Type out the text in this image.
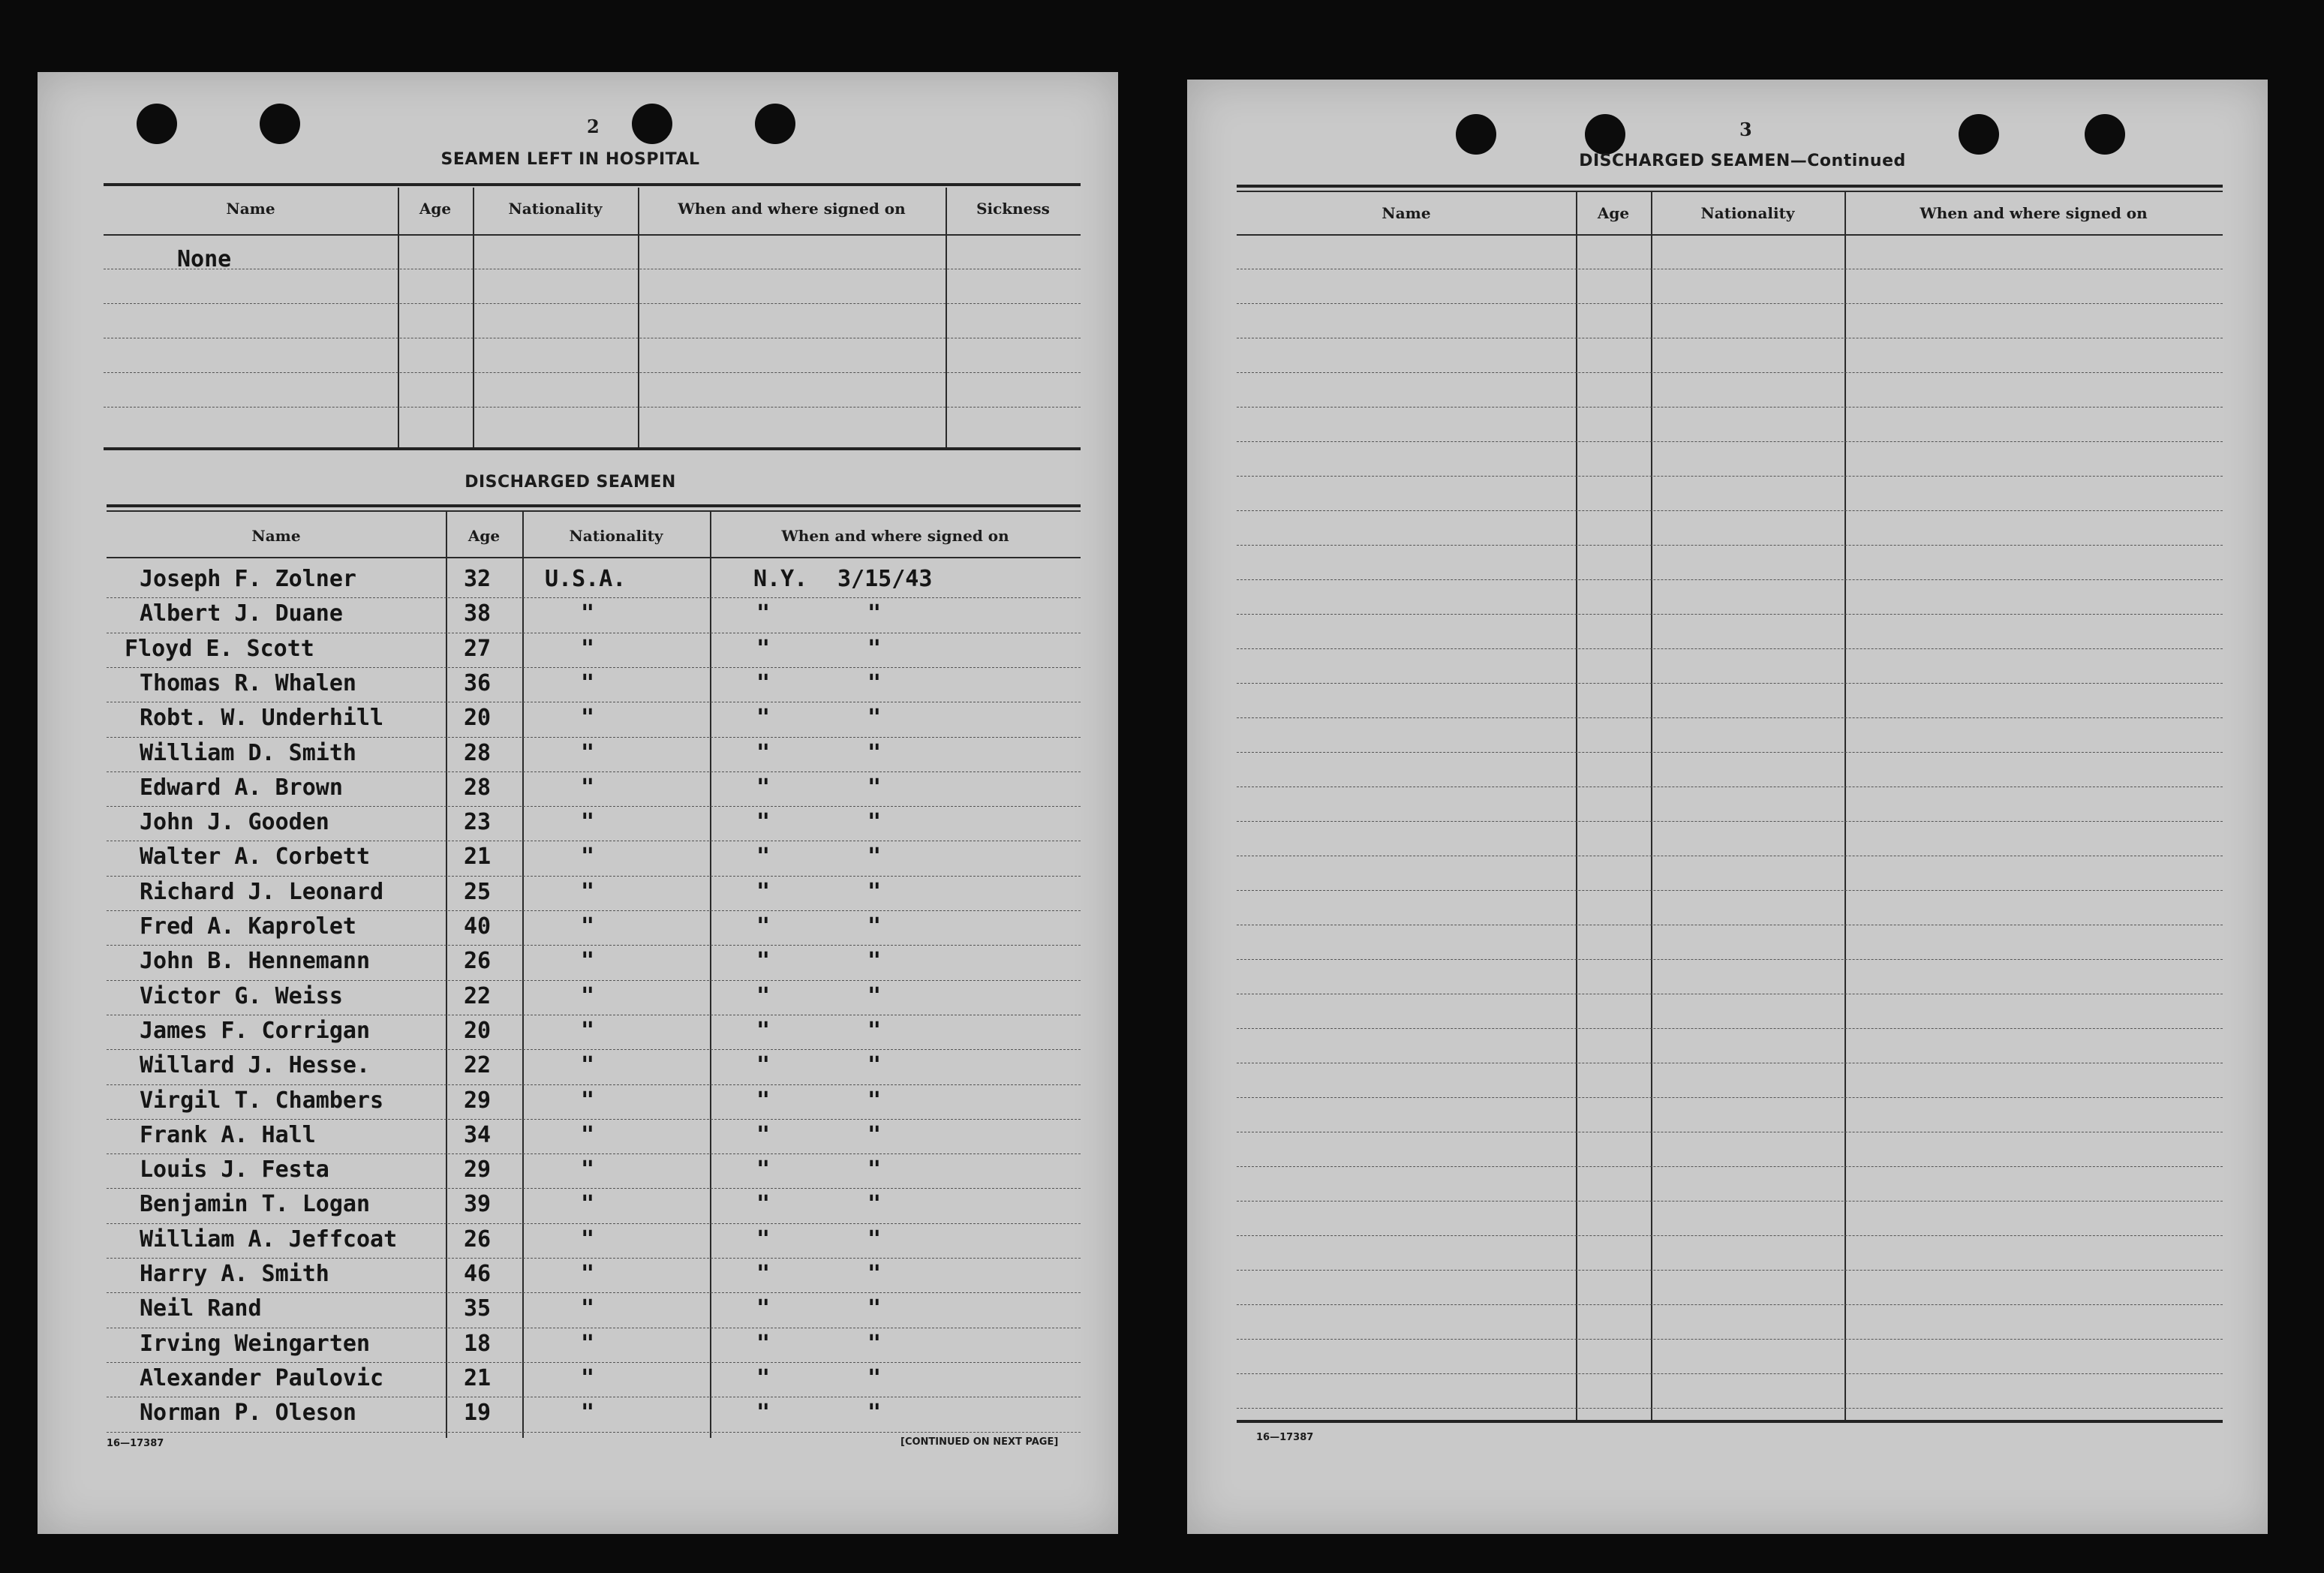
2
SEAMEN LEFT IN HOSPITAL
Name	Age	Nationality	When and where signed on	Sickness
None
DISCHARGED SEAMEN
Name	Age	Nationality	When and where signed on
Joseph F. Zolner	32 U.S.A.	N.Y. 3/15/43
Albert J. Duane	38	"	"	"
Floyd E. Scott	27	"	"	"
Thomas R. Whalen	36	"	"	"
Robt. W. Underhill	20	"	"	"
William D. Smith	28	"	"	"
Edward A. Brown	28	"	"	"
John J. Gooden	23	"	"	"
Walter A. Corbett	21	"	"	"
Richard J. Leonard	25	"	"	"
Fred A. Kaprolet	40	"	"	"
John B. Hennemann	26	"	"	"
Victor G. Weiss	22	"	"	"
James F. Corrigan	20	"	"	"
Willard J. Hesse.	22	"	"	"
Virgil T. Chambers	29	"	"	"
Frank A. Hall	34	"	"	"
Louis J. Festa	29	"	"	"
Benjamin T. Logan	39	"	"	"
William A. Jeffcoat	26	"	"	"
Harry A. Smith	46	"	"	"
Neil Rand	35	"	"	"
Irving Weingarten	18	"	"	"
Alexander Paulovic	21	"	"	"
Norman P. Oleson	19	"	"	"
16—17387	[CONTINUED ON NEXT PAGE]
3
DISCHARGED SEAMEN—Continued
Name	Age	Nationality	When and where signed on
16—17387
